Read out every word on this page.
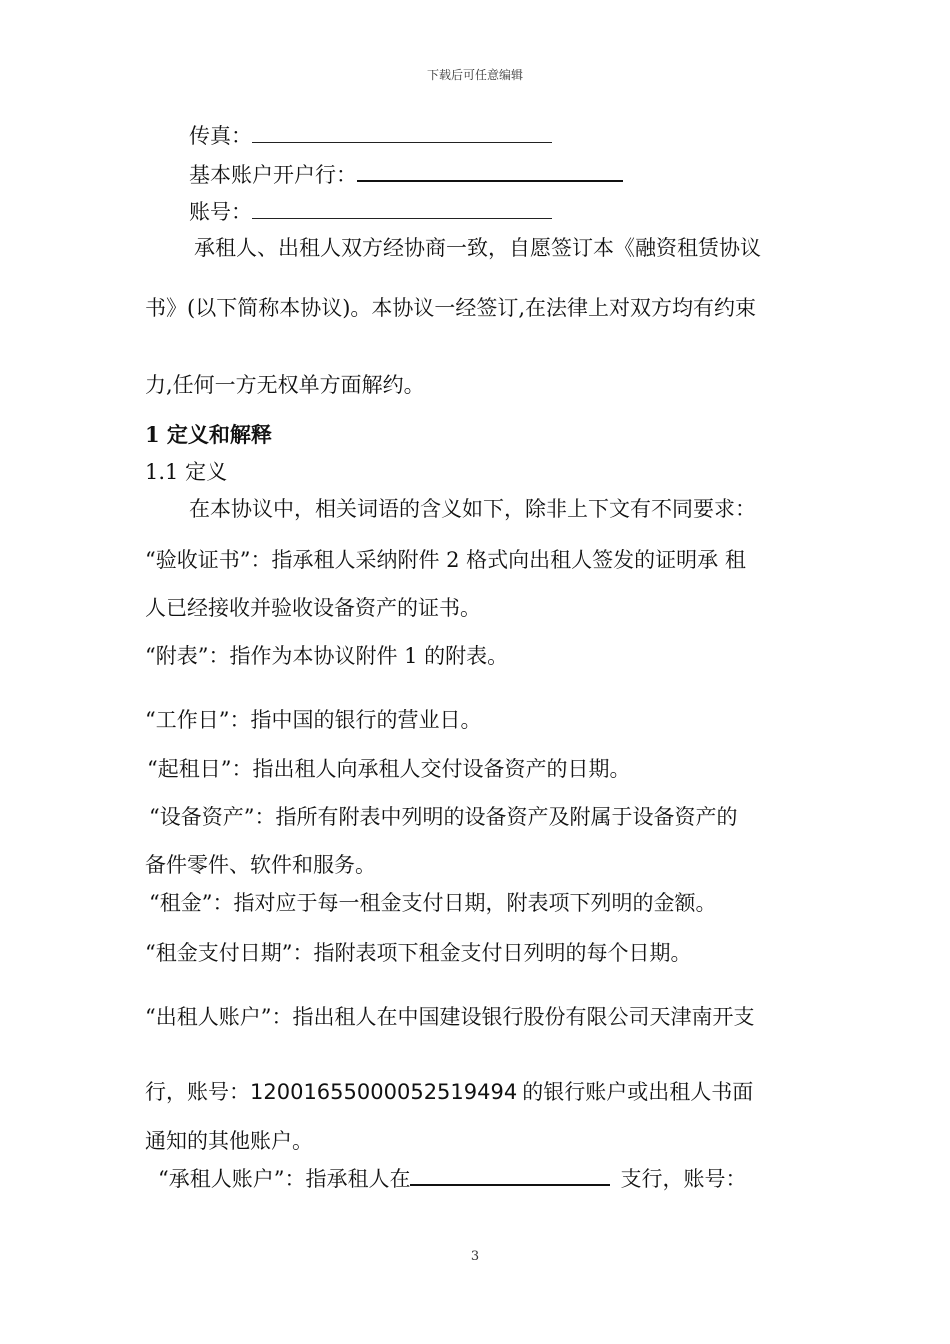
下载后可任意编辑
传真：
基本账户开户行：
账号：
承租人、出租人双方经协商一致，自愿签订本《融资租赁协议
书》(以下简称本协议)。本协议一经签订,在法律上对双方均有约束
力,任何一方无权单方面解约。
1 定义和解释
1.1 定义
在本协议中，相关词语的含义如下，除非上下文有不同要求：
“验收证书”：指承租人采纳附件 2 格式向出租人签发的证明承 租
人已经接收并验收设备资产的证书。
“附表”：指作为本协议附件 1 的附表。
“工作日”：指中国的银行的营业日。
“起租日”：指出租人向承租人交付设备资产的日期。
“设备资产”：指所有附表中列明的设备资产及附属于设备资产的
备件零件、软件和服务。
“租金”：指对应于每一租金支付日期，附表项下列明的金额。
“租金支付日期”：指附表项下租金支付日列明的每个日期。
“出租人账户”：指出租人在中国建设银行股份有限公司天津南开支
行，账号：12001655000052519494 的银行账户或出租人书面
通知的其他账户。
“承租人账户”：指承租人在	支行，账号：
3
